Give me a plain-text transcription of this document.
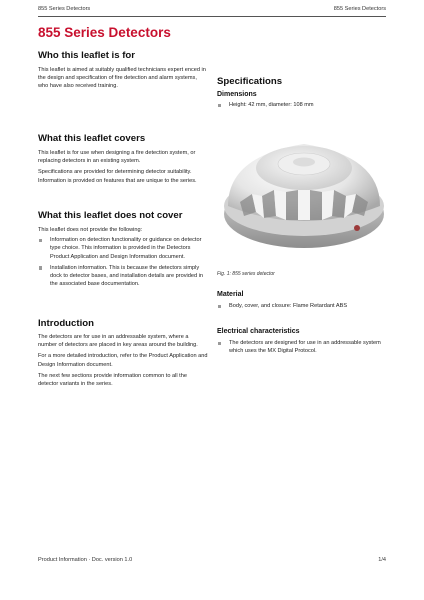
855 Series Detectors	855 Series Detectors
855 Series Detectors
Who this leaflet is for

This leaflet is aimed at suitably qualified technicians expert enced in the design and specification of fire detection and alarm systems, who have also received training.

What this leaflet covers

This leaflet is for use when designing a fire detection system, or replacing detectors in an existing system.

Specifications are provided for determining detector suitability. Information is provided on features that are unique to the series.

What this leaflet does not cover

This leaflet does not provide the following:

Information on detection functionality or guidance on detector type choice. This information is provided in the Detectors Product Application and Design Information document.
Installation information. This is because the detectors simply dock to detector bases, and installation details are provided in the associated base documentation.
Introduction

The detectors are for use in an addressable system, where a number of detectors are placed in key areas around the building.

For a more detailed introduction, refer to the Product Application and Design Information document.

The next few sections provide information common to all the detector variants in the series.

Specifications
Dimensions
Height: 42 mm, diameter: 108 mm

Fig. 1: 855 series detector

Material
Body, cover, and closure: Flame Retardant ABS
Electrical characteristics
The detectors are designed for use in an addressable system which uses the MX Digital Protocol.
Product Information · Doc. version 1.0	1/4
